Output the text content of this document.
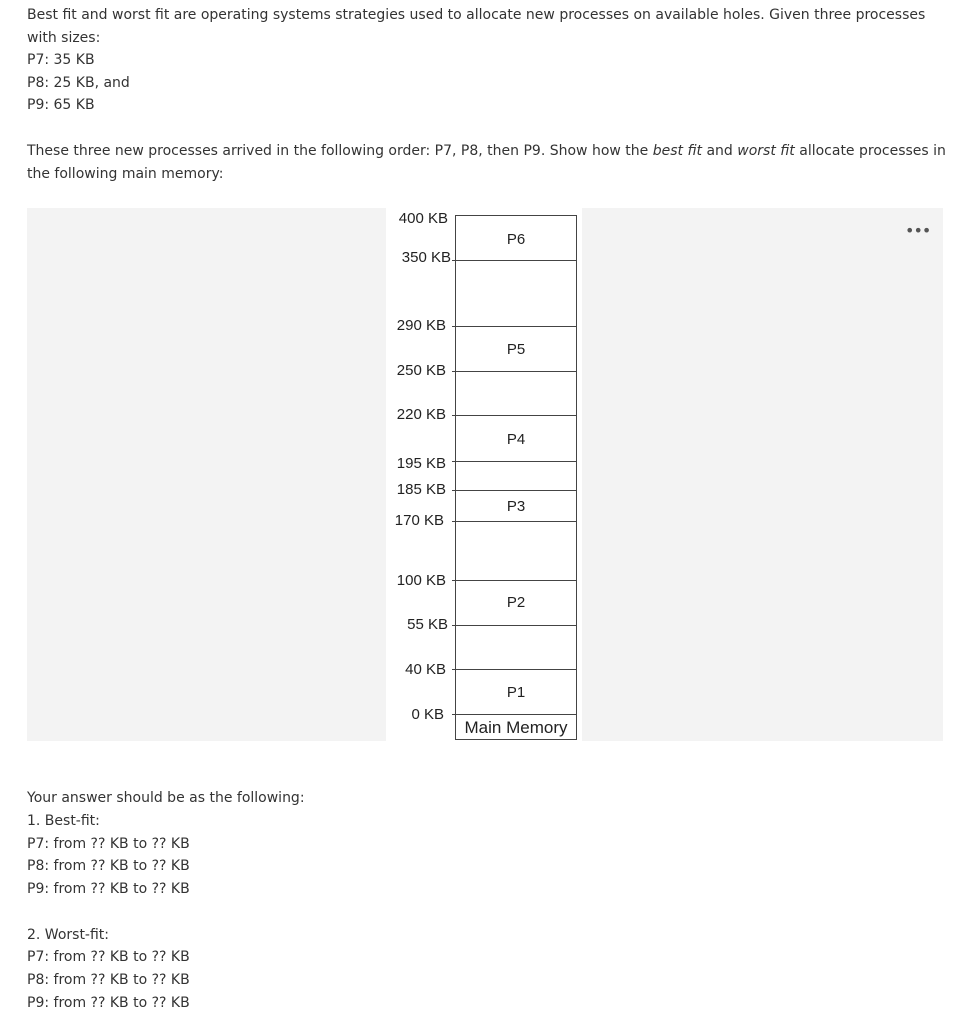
Best fit and worst fit are operating systems strategies used to allocate new processes on available holes. Given three processes with sizes:
P7: 35 KB
P8: 25 KB, and
P9: 65 KB
These three new processes arrived in the following order: P7, P8, then P9. Show how the best fit and worst fit allocate processes in the following main memory:
•••
400 KB
350 KB
290 KB
250 KB
220 KB
195 KB
185 KB
170 KB
100 KB
55 KB
40 KB
0 KB
P6
P5
P4
P3
P2
P1
Main Memory
Your answer should be as the following:
1. Best-fit:
P7: from ?? KB to ?? KB
P8: from ?? KB to ?? KB
P9: from ?? KB to ?? KB
2. Worst-fit:
P7: from ?? KB to ?? KB
P8: from ?? KB to ?? KB
P9: from ?? KB to ?? KB
